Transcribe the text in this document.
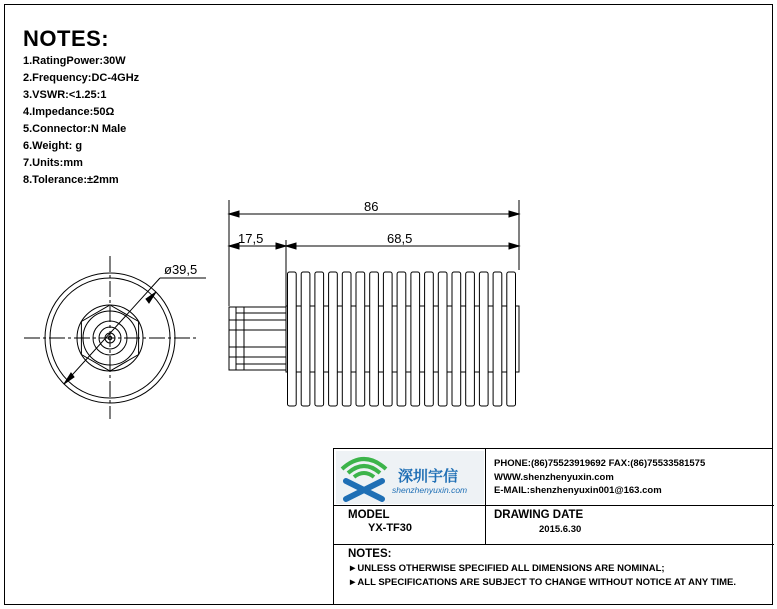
NOTES:
1.RatingPower:30W
2.Frequency:DC-4GHz
3.VSWR:<1.25:1
4.Impedance:50Ω
5.Connector:N Male
6.Weight: g
7.Units:mm
8.Tolerance:±2mm
86
17,5	68,5
ø39,5
深圳宇信
shenzhenyuxin.com
PHONE:(86)75523919692 FAX:(86)75533581575
WWW.shenzhenyuxin.com
E-MAIL:shenzhenyuxin001@163.com
MODEL
YX-TF30
DRAWING DATE
2015.6.30
NOTES:
►UNLESS OTHERWISE SPECIFIED ALL DIMENSIONS ARE NOMINAL;
►ALL SPECIFICATIONS ARE SUBJECT TO CHANGE WITHOUT NOTICE AT ANY TIME.
